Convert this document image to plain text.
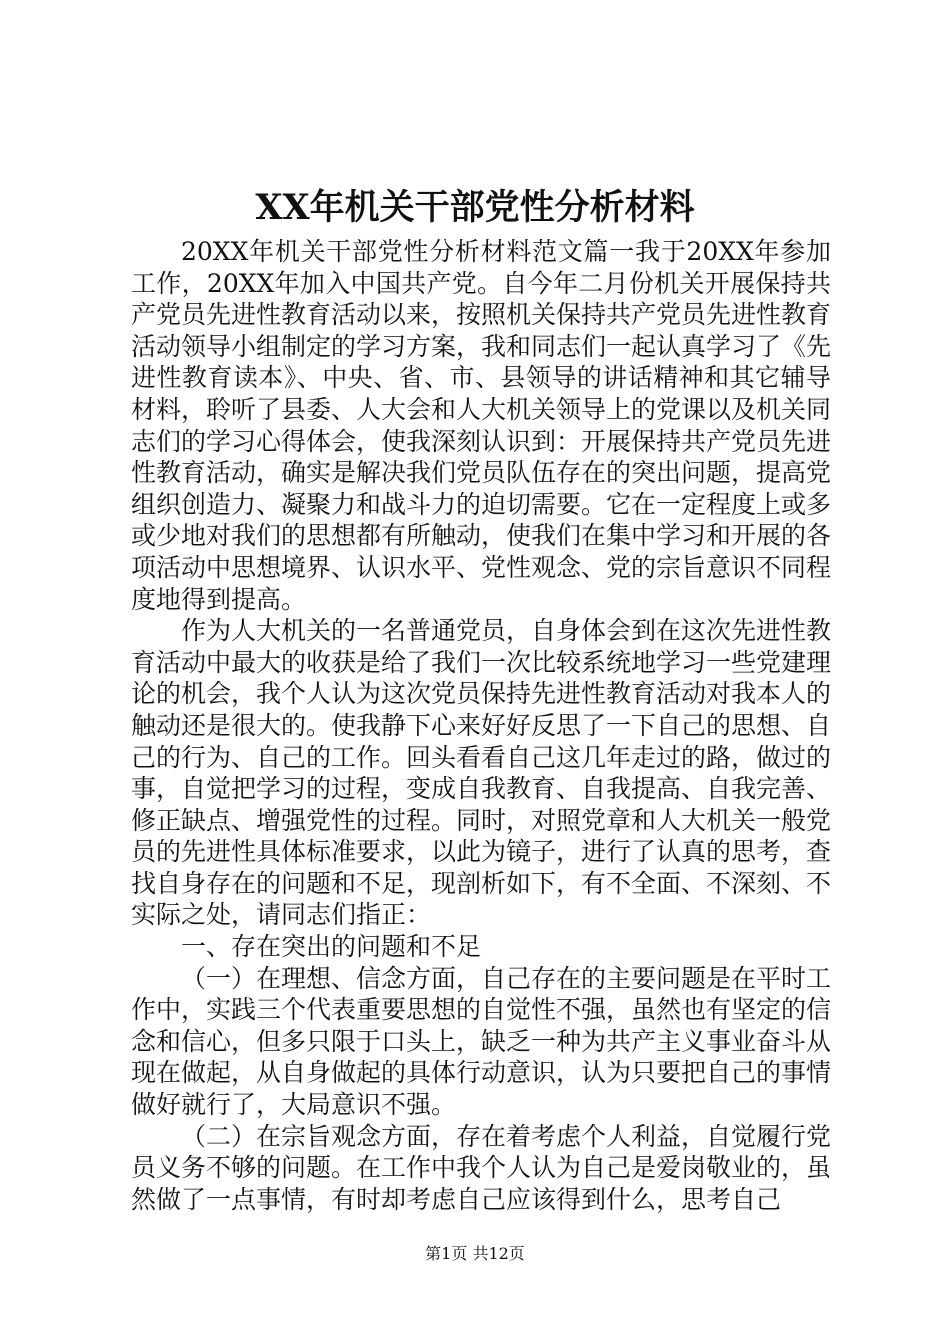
XX年机关干部党性分析材料

20XX年机关干部党性分析材料范文篇一我于20XX年参加工作，20XX年加入中国共产党。自今年二月份机关开展保持共产党员先进性教育活动以来，按照机关保持共产党员先进性教育活动领导小组制定的学习方案，我和同志们一起认真学习了《先进性教育读本》、中央、省、市、县领导的讲话精神和其它辅导材料，聆听了县委、人大会和人大机关领导上的党课以及机关同志们的学习心得体会，使我深刻认识到：开展保持共产党员先进性教育活动，确实是解决我们党员队伍存在的突出问题，提高党组织创造力、凝聚力和战斗力的迫切需要。它在一定程度上或多或少地对我们的思想都有所触动，使我们在集中学习和开展的各项活动中思想境界、认识水平、党性观念、党的宗旨意识不同程度地得到提高。

作为人大机关的一名普通党员，自身体会到在这次先进性教育活动中最大的收获是给了我们一次比较系统地学习一些党建理论的机会，我个人认为这次党员保持先进性教育活动对我本人的触动还是很大的。使我静下心来好好反思了一下自己的思想、自己的行为、自己的工作。回头看看自己这几年走过的路，做过的事，自觉把学习的过程，变成自我教育、自我提高、自我完善、修正缺点、增强党性的过程。同时，对照党章和人大机关一般党员的先进性具体标准要求，以此为镜子，进行了认真的思考，查找自身存在的问题和不足，现剖析如下，有不全面、不深刻、不实际之处，请同志们指正：

一、存在突出的问题和不足

（一）在理想、信念方面，自己存在的主要问题是在平时工作中，实践三个代表重要思想的自觉性不强，虽然也有坚定的信念和信心，但多只限于口头上，缺乏一种为共产主义事业奋斗从现在做起，从自身做起的具体行动意识，认为只要把自己的事情做好就行了，大局意识不强。

（二）在宗旨观念方面，存在着考虑个人利益，自觉履行党员义务不够的问题。在工作中我个人认为自己是爱岗敬业的，虽然做了一点事情，有时却考虑自己应该得到什么，思考自己

第1页 共12页
